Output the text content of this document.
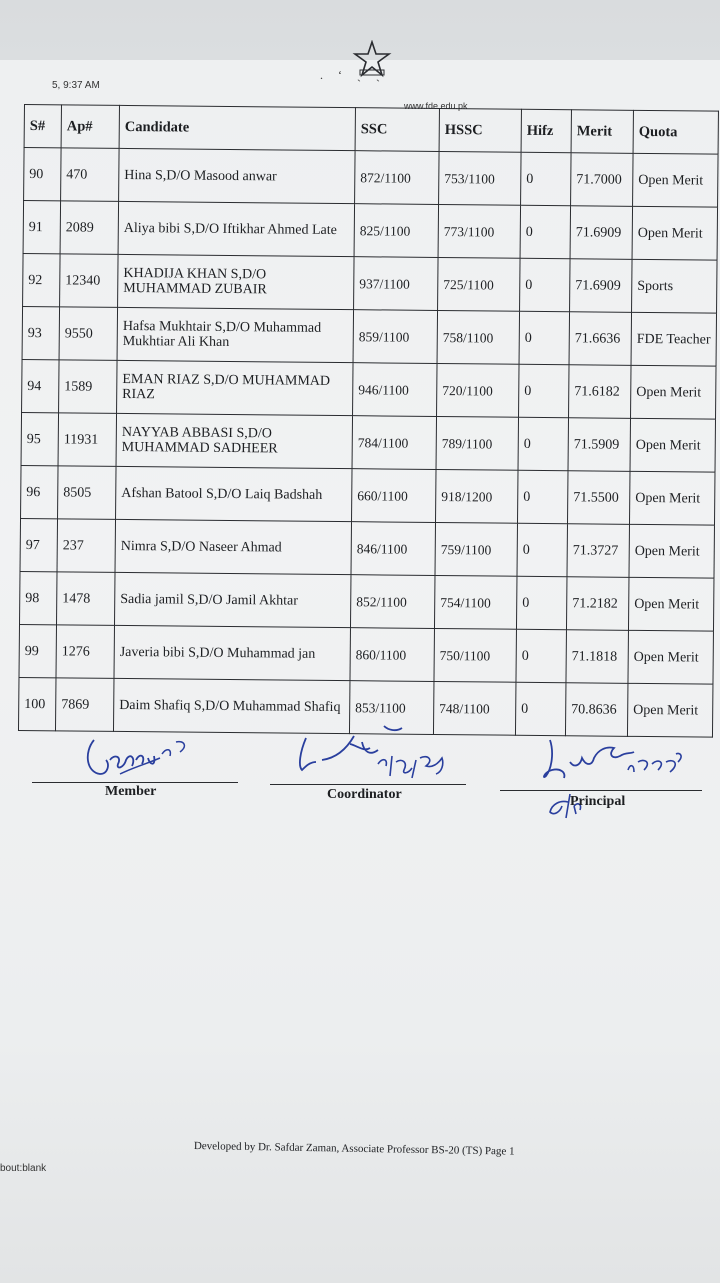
. ʻ ˎ ˏ
5, 9:37 AM
www.fde.edu.pk
S#	Ap#	Candidate	SSC	HSSC	Hifz	Merit	Quota
90	470	Hina S,D/O Masood anwar	872/1100	753/1100	0	71.7000	Open Merit
91	2089	Aliya bibi S,D/O Iftikhar Ahmed Late	825/1100	773/1100	0	71.6909	Open Merit
92	12340	KHADIJA KHAN S,D/O MUHAMMAD ZUBAIR	937/1100	725/1100	0	71.6909	Sports
93	9550	Hafsa Mukhtair S,D/O Muhammad Mukhtiar Ali Khan	859/1100	758/1100	0	71.6636	FDE Teacher
94	1589	EMAN RIAZ S,D/O MUHAMMAD RIAZ	946/1100	720/1100	0	71.6182	Open Merit
95	11931	NAYYAB ABBASI S,D/O MUHAMMAD SADHEER	784/1100	789/1100	0	71.5909	Open Merit
96	8505	Afshan Batool S,D/O Laiq Badshah	660/1100	918/1200	0	71.5500	Open Merit
97	237	Nimra S,D/O Naseer Ahmad	846/1100	759/1100	0	71.3727	Open Merit
98	1478	Sadia jamil S,D/O Jamil Akhtar	852/1100	754/1100	0	71.2182	Open Merit
99	1276	Javeria bibi S,D/O Muhammad jan	860/1100	750/1100	0	71.1818	Open Merit
100	7869	Daim Shafiq S,D/O Muhammad Shafiq	853/1100	748/1100	0	70.8636	Open Merit
Member	Coordinator	Principal
Developed by Dr. Safdar Zaman, Associate Professor BS-20 (TS) Page 1
bout:blank
